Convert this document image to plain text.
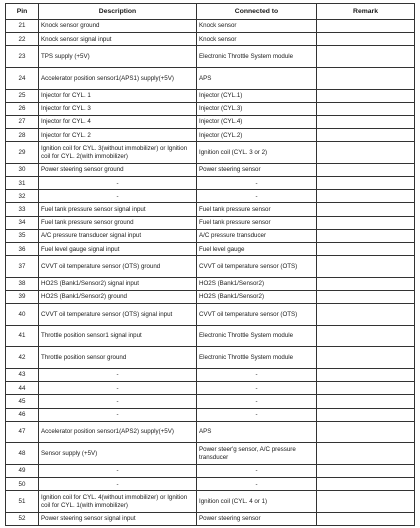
Pin	Description	Connected to	Remark
21	Knock sensor ground	Knock sensor	
22	Knock sensor signal input	Knock sensor	
23	TPS supply (+5V)	Electronic Throttle System module	
24	Accelerator position sensor1(APS1) supply(+5V)	APS	
25	Injector for CYL. 1	Injector (CYL.1)	
26	Injector for CYL. 3	Injector (CYL.3)	
27	Injector for CYL. 4	Injector (CYL.4)	
28	Injector for CYL. 2	Injector (CYL.2)	
29	Ignition coil for CYL. 3(without immobilizer) or Ignition coil for CYL. 2(with immobilizer)	Ignition coil (CYL. 3 or 2)	
30	Power steering sensor ground	Power steering sensor	
31	-	-	
32	-	-	
33	Fuel tank pressure sensor signal input	Fuel tank pressure sensor	
34	Fuel tank pressure sensor ground	Fuel tank pressure sensor	
35	A/C pressure transducer signal input	A/C pressure transducer	
36	Fuel level gauge signal input	Fuel level gauge	
37	CVVT oil temperature sensor (OTS) ground	CVVT oil temperature sensor (OTS)	
38	HO2S (Bank1/Sensor2) signal input	HO2S (Bank1/Sensor2)	
39	HO2S (Bank1/Sensor2) ground	HO2S (Bank1/Sensor2)	
40	CVVT oil temperature sensor (OTS) signal input	CVVT oil temperature sensor (OTS)	
41	Throttle position sensor1 signal input	Electronic Throttle System module	
42	Throttle position sensor ground	Electronic Throttle System module	
43	-	-	
44	-	-	
45	-	-	
46	-	-	
47	Accelerator position sensor1(APS2) supply(+5V)	APS	
48	Sensor supply (+5V)	Power steer'g sensor, A/C pressure transducer	
49	-	-	
50	-	-	
51	Ignition coil for CYL. 4(without immobilizer) or Ignition coil for CYL. 1(with immobilizer)	Ignition coil (CYL. 4 or 1)	
52	Power steering sensor signal input	Power steering sensor	
